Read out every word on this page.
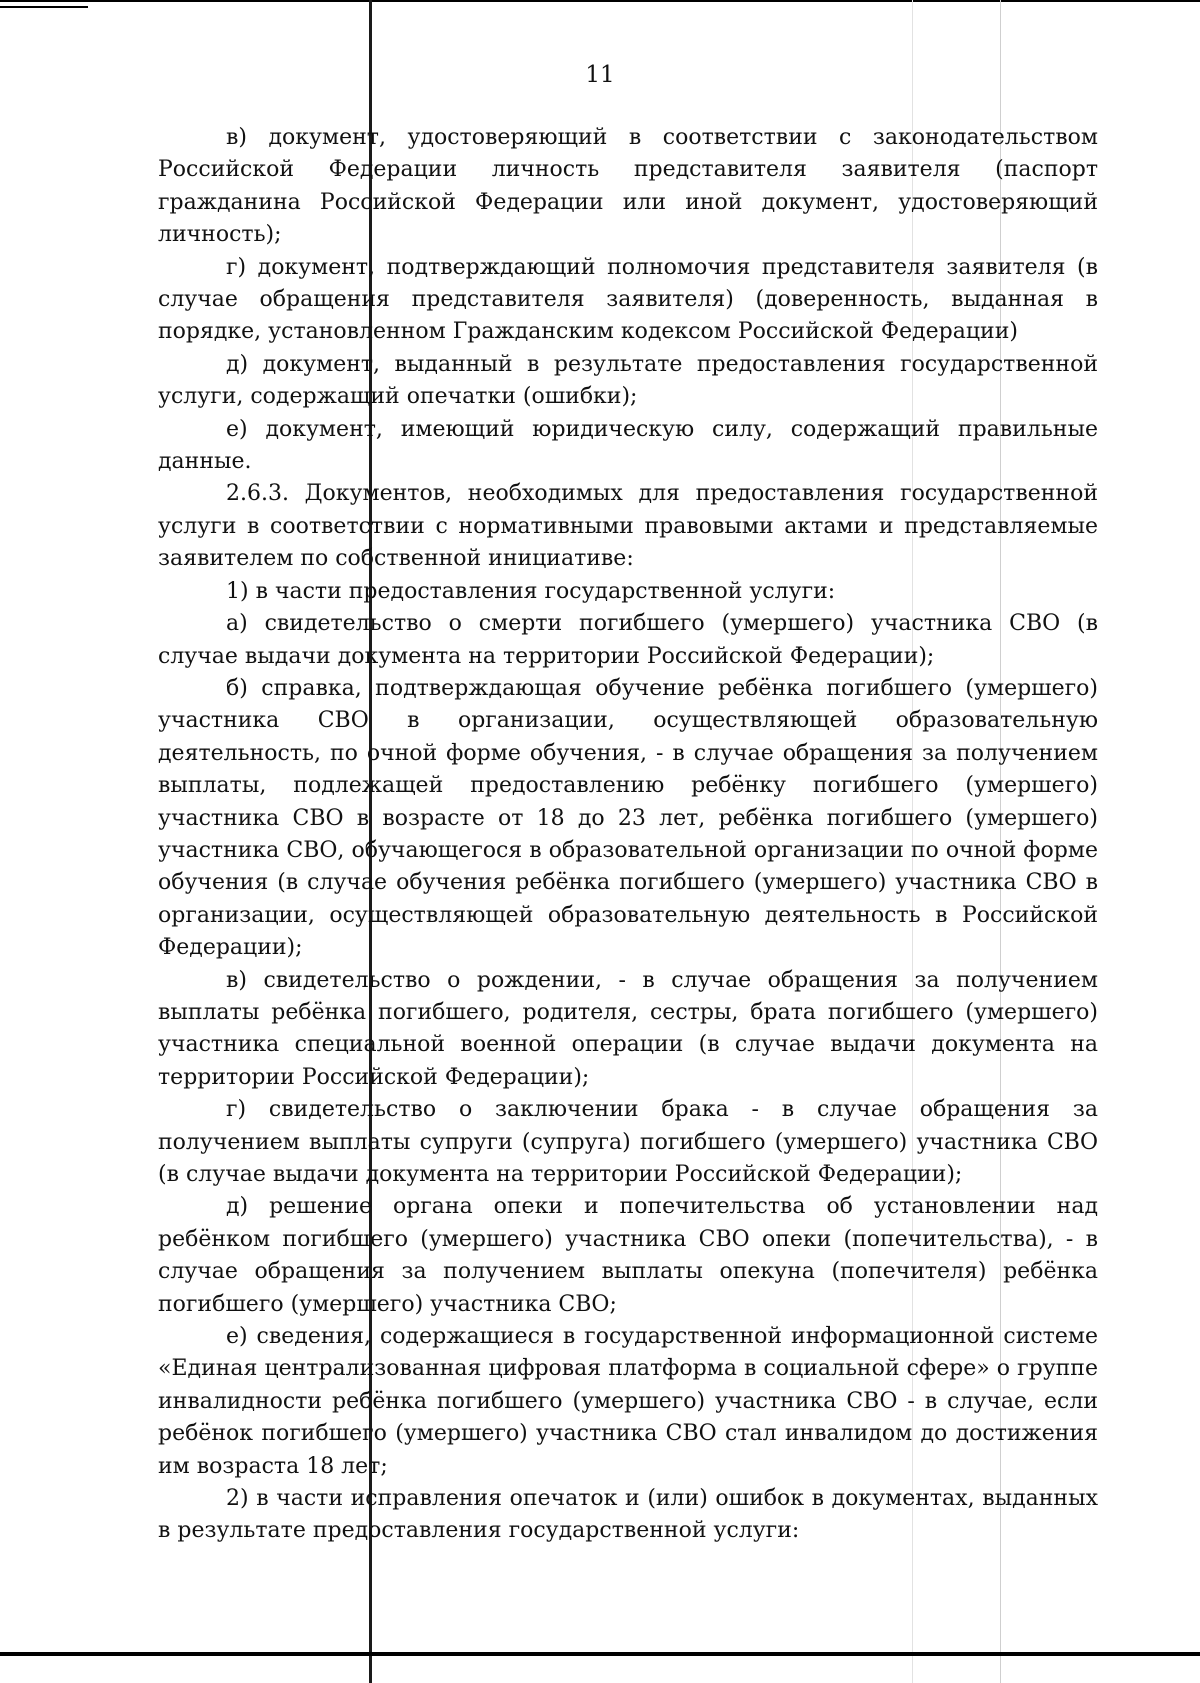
11

в) документ, удостоверяющий в соответствии с законодательством Российской Федерации личность представителя заявителя (паспорт гражданина Российской Федерации или иной документ, удостоверяющий личность);

г) документ, подтверждающий полномочия представителя заявителя (в случае обращения представителя заявителя) (доверенность, выданная в порядке, установленном Гражданским кодексом Российской Федерации)

д) документ, выданный в результате предоставления государственной услуги, содержащий опечатки (ошибки);

е) документ, имеющий юридическую силу, содержащий правильные данные.

2.6.3. Документов, необходимых для предоставления государственной услуги в соответствии с нормативными правовыми актами и представляемые заявителем по собственной инициативе:

1) в части предоставления государственной услуги:

а) свидетельство о смерти погибшего (умершего) участника СВО (в случае выдачи документа на территории Российской Федерации);

б) справка, подтверждающая обучение ребёнка погибшего (умершего) участника СВО в организации, осуществляющей образовательную деятельность, по очной форме обучения, - в случае обращения за получением выплаты, подлежащей предоставлению ребёнку погибшего (умершего) участника СВО в возрасте от 18 до 23 лет, ребёнка погибшего (умершего) участника СВО, обучающегося в образовательной организации по очной форме обучения (в случае обучения ребёнка погибшего (умершего) участника СВО в организации, осуществляющей образовательную деятельность в Российской Федерации);

в) свидетельство о рождении, - в случае обращения за получением выплаты ребёнка погибшего, родителя, сестры, брата погибшего (умершего) участника специальной военной операции (в случае выдачи документа на территории Российской Федерации);

г) свидетельство о заключении брака - в случае обращения за получением выплаты супруги (супруга) погибшего (умершего) участника СВО (в случае выдачи документа на территории Российской Федерации);

д) решение органа опеки и попечительства об установлении над ребёнком погибшего (умершего) участника СВО опеки (попечительства), - в случае обращения за получением выплаты опекуна (попечителя) ребёнка погибшего (умершего) участника СВО;

е) сведения, содержащиеся в государственной информационной системе «Единая централизованная цифровая платформа в социальной сфере» о группе инвалидности ребёнка погибшего (умершего) участника СВО - в случае, если ребёнок погибшего (умершего) участника СВО стал инвалидом до достижения им возраста 18 лет;

2) в части исправления опечаток и (или) ошибок в документах, выданных в результате предоставления государственной услуги:
